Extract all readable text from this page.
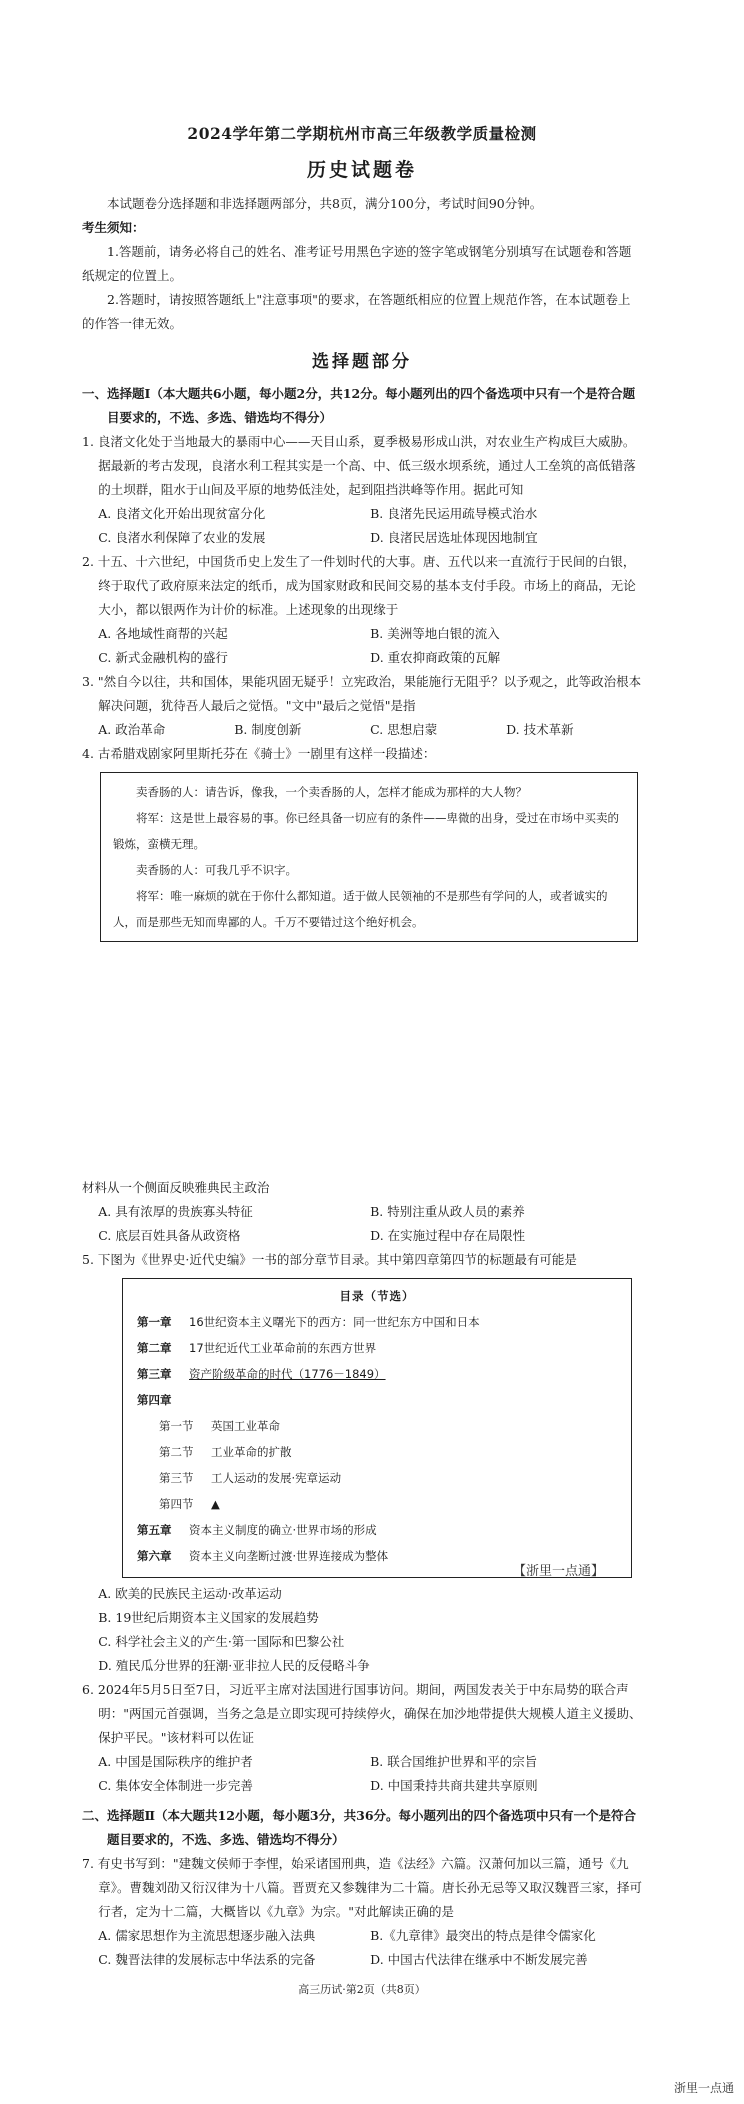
2024学年第二学期杭州市高三年级教学质量检测
历史试题卷

本试题卷分选择题和非选择题两部分，共8页，满分100分，考试时间90分钟。

考生须知：

1.答题前，请务必将自己的姓名、准考证号用黑色字迹的签字笔或钢笔分别填写在试题卷和答题纸规定的位置上。

2.答题时，请按照答题纸上"注意事项"的要求，在答题纸相应的位置上规范作答，在本试题卷上的作答一律无效。

选择题部分

一、选择题Ⅰ（本大题共6小题，每小题2分，共12分。每小题列出的四个备选项中只有一个是符合题目要求的，不选、多选、错选均不得分）

1. 良渚文化处于当地最大的暴雨中心——天目山系，夏季极易形成山洪，对农业生产构成巨大威胁。据最新的考古发现，良渚水利工程其实是一个高、中、低三级水坝系统，通过人工垒筑的高低错落的土坝群，阻水于山间及平原的地势低洼处，起到阻挡洪峰等作用。据此可知

A. 良渚文化开始出现贫富分化	B. 良渚先民运用疏导模式治水
C. 良渚水利保障了农业的发展	D. 良渚民居选址体现因地制宜

2. 十五、十六世纪，中国货币史上发生了一件划时代的大事。唐、五代以来一直流行于民间的白银，终于取代了政府原来法定的纸币，成为国家财政和民间交易的基本支付手段。市场上的商品，无论大小，都以银两作为计价的标准。上述现象的出现缘于

A. 各地域性商帮的兴起	B. 美洲等地白银的流入
C. 新式金融机构的盛行	D. 重农抑商政策的瓦解

3. "然自今以往，共和国体，果能巩固无疑乎！立宪政治，果能施行无阻乎？以予观之，此等政治根本解决问题，犹待吾人最后之觉悟。"文中"最后之觉悟"是指

A. 政治革命	B. 制度创新	C. 思想启蒙	D. 技术革新

4. 古希腊戏剧家阿里斯托芬在《骑士》一剧里有这样一段描述：

卖香肠的人：请告诉，像我，一个卖香肠的人，怎样才能成为那样的大人物？

将军：这是世上最容易的事。你已经具备一切应有的条件——卑微的出身，受过在市场中买卖的锻炼，蛮横无理。

卖香肠的人：可我几乎不识字。

将军：唯一麻烦的就在于你什么都知道。适于做人民领袖的不是那些有学问的人，或者诚实的人，而是那些无知而卑鄙的人。千万不要错过这个绝好机会。

材料从一个侧面反映雅典民主政治

A. 具有浓厚的贵族寡头特征	B. 特别注重从政人员的素养
C. 底层百姓具备从政资格	D. 在实施过程中存在局限性

5. 下图为《世界史·近代史编》一书的部分章节目录。其中第四章第四节的标题最有可能是

目录（节选）
第一章 16世纪资本主义曙光下的西方：同一世纪东方中国和日本
第二章 17世纪近代工业革命前的东西方世界
第三章 资产阶级革命的时代（1776－1849）
第四章
第一节 英国工业革命
第二节 工业革命的扩散
第三节 工人运动的发展·宪章运动
第四节 ▲
第五章 资本主义制度的确立·世界市场的形成
第六章 资本主义向垄断过渡·世界连接成为整体
A. 欧美的民族民主运动·改革运动
B. 19世纪后期资本主义国家的发展趋势
C. 科学社会主义的产生·第一国际和巴黎公社
D. 殖民瓜分世界的狂潮·亚非拉人民的反侵略斗争

6. 2024年5月5日至7日，习近平主席对法国进行国事访问。期间，两国发表关于中东局势的联合声明："两国元首强调，当务之急是立即实现可持续停火，确保在加沙地带提供大规模人道主义援助、保护平民。"该材料可以佐证

A. 中国是国际秩序的维护者	B. 联合国维护世界和平的宗旨
C. 集体安全体制进一步完善	D. 中国秉持共商共建共享原则

二、选择题Ⅱ（本大题共12小题，每小题3分，共36分。每小题列出的四个备选项中只有一个是符合题目要求的，不选、多选、错选均不得分）

7. 有史书写到："建魏文侯师于李悝，始采诸国刑典，造《法经》六篇。汉萧何加以三篇，通号《九章》。曹魏刘劭又衍汉律为十八篇。晋贾充又参魏律为二十篇。唐长孙无忌等又取汉魏晋三家，择可行者，定为十二篇，大概皆以《九章》为宗。"对此解读正确的是

A. 儒家思想作为主流思想逐步融入法典	B.《九章律》最突出的特点是律令儒家化
C. 魏晋法律的发展标志中华法系的完备	D. 中国古代法律在继承中不断发展完善
高三历试·第2页（共8页）
【浙里一点通】
浙里一点通
